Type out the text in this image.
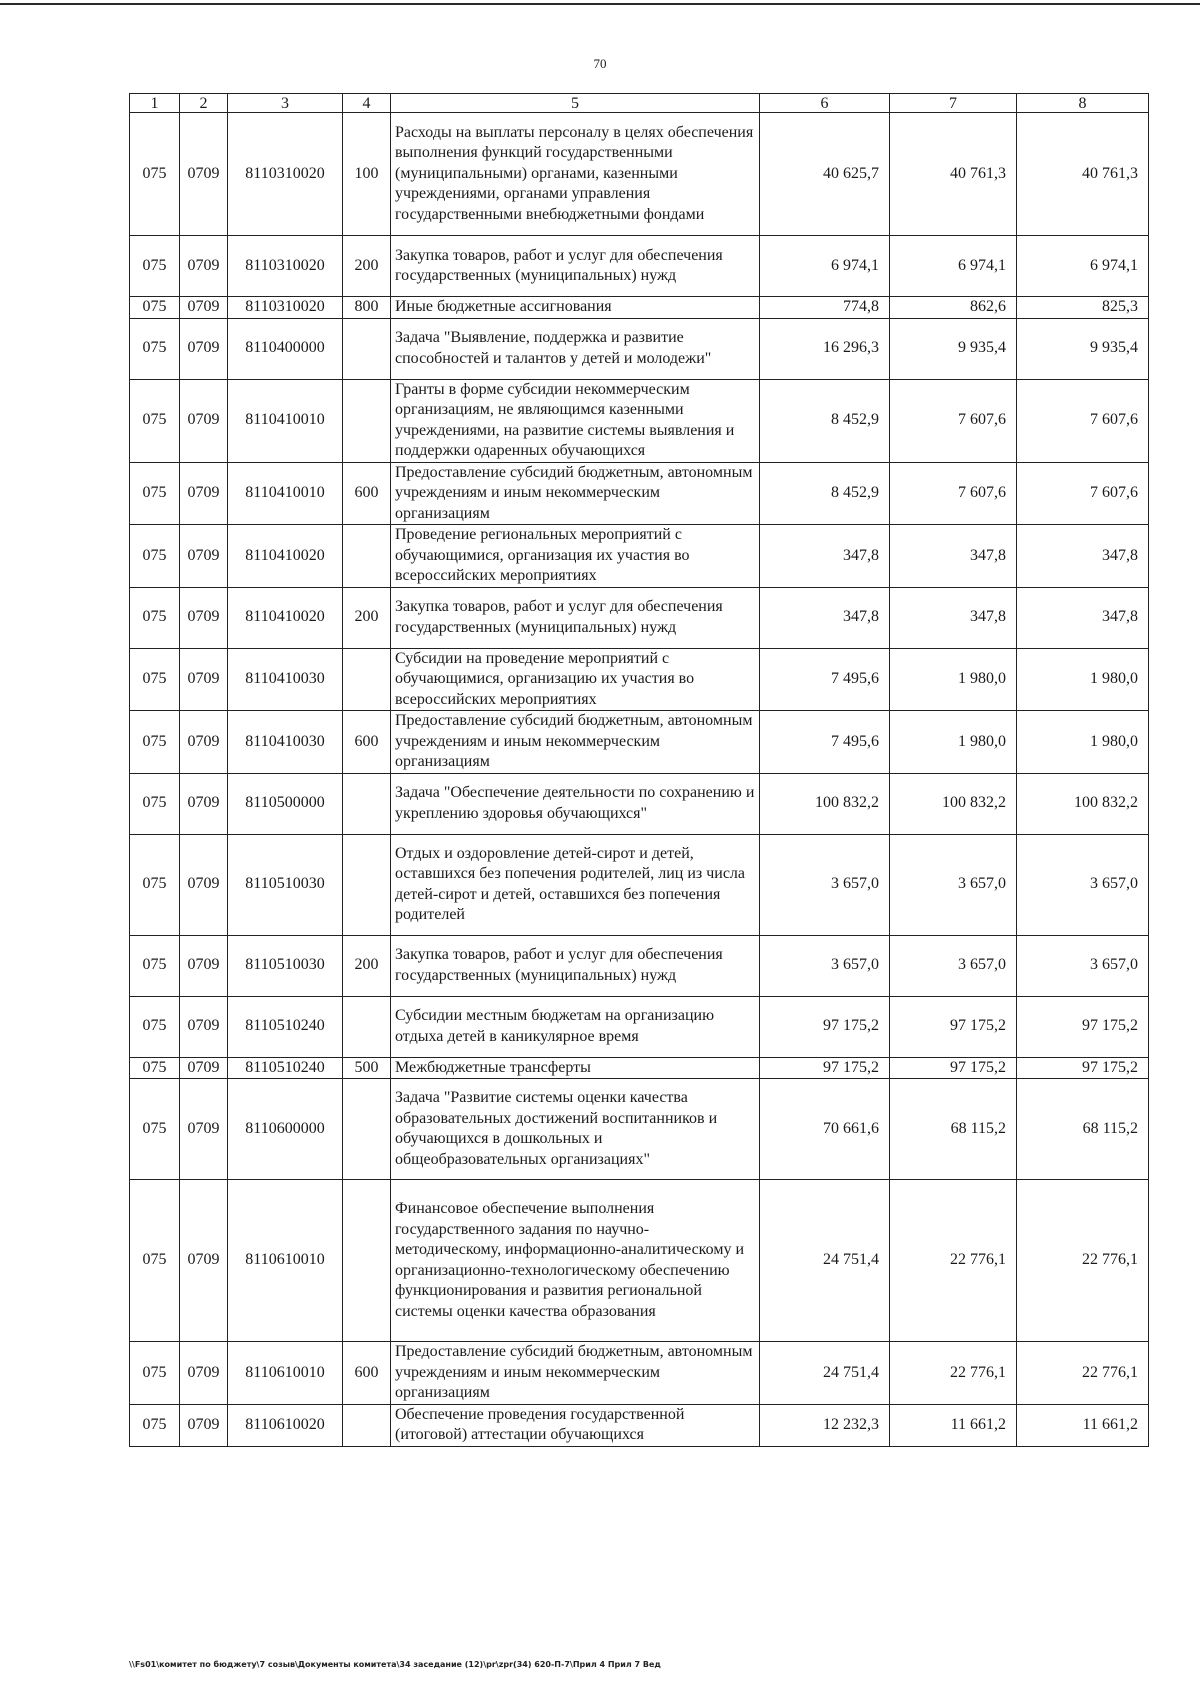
70
1	2	3	4	5	6	7	8
075	0709	8110310020	100	Расходы на выплаты персоналу в целях обеспечения выполнения функций государственными (муниципальными) органами, казенными учреждениями, органами управления государственными внебюджетными фондами	40 625,7	40 761,3	40 761,3
075	0709	8110310020	200	Закупка товаров, работ и услуг для обеспечения государственных (муниципальных) нужд	6 974,1	6 974,1	6 974,1
075	0709	8110310020	800	Иные бюджетные ассигнования	774,8	862,6	825,3
075	0709	8110400000		Задача "Выявление, поддержка и развитие способностей и талантов у детей и молодежи"	16 296,3	9 935,4	9 935,4
075	0709	8110410010		Гранты в форме субсидии некоммерческим организациям, не являющимся казенными учреждениями, на развитие системы выявления и поддержки одаренных обучающихся	8 452,9	7 607,6	7 607,6
075	0709	8110410010	600	Предоставление субсидий бюджетным, автономным учреждениям и иным некоммерческим организациям	8 452,9	7 607,6	7 607,6
075	0709	8110410020		Проведение региональных мероприятий с обучающимися, организация их участия во всероссийских мероприятиях	347,8	347,8	347,8
075	0709	8110410020	200	Закупка товаров, работ и услуг для обеспечения государственных (муниципальных) нужд	347,8	347,8	347,8
075	0709	8110410030		Субсидии на проведение мероприятий с обучающимися, организацию их участия во всероссийских мероприятиях	7 495,6	1 980,0	1 980,0
075	0709	8110410030	600	Предоставление субсидий бюджетным, автономным учреждениям и иным некоммерческим организациям	7 495,6	1 980,0	1 980,0
075	0709	8110500000		Задача "Обеспечение деятельности по сохранению и укреплению здоровья обучающихся"	100 832,2	100 832,2	100 832,2
075	0709	8110510030		Отдых и оздоровление детей-сирот и детей, оставшихся без попечения родителей, лиц из числа детей-сирот и детей, оставшихся без попечения родителей	3 657,0	3 657,0	3 657,0
075	0709	8110510030	200	Закупка товаров, работ и услуг для обеспечения государственных (муниципальных) нужд	3 657,0	3 657,0	3 657,0
075	0709	8110510240		Субсидии местным бюджетам на организацию отдыха детей в каникулярное время	97 175,2	97 175,2	97 175,2
075	0709	8110510240	500	Межбюджетные трансферты	97 175,2	97 175,2	97 175,2
075	0709	8110600000		Задача "Развитие системы оценки качества образовательных достижений воспитанников и обучающихся в дошкольных и общеобразовательных организациях"	70 661,6	68 115,2	68 115,2
075	0709	8110610010		Финансовое обеспечение выполнения государственного задания по научно-методическому, информационно-аналитическому и организационно-технологическому обеспечению функционирования и развития региональной системы оценки качества образования	24 751,4	22 776,1	22 776,1
075	0709	8110610010	600	Предоставление субсидий бюджетным, автономным учреждениям и иным некоммерческим организациям	24 751,4	22 776,1	22 776,1
075	0709	8110610020		Обеспечение проведения государственной (итоговой) аттестации обучающихся	12 232,3	11 661,2	11 661,2
\\Fs01\комитет по бюджету\7 созыв\Документы комитета\34 заседание (12)\pr\zpr(34) 620-П-7\Прил 4 Прил 7 Вед
